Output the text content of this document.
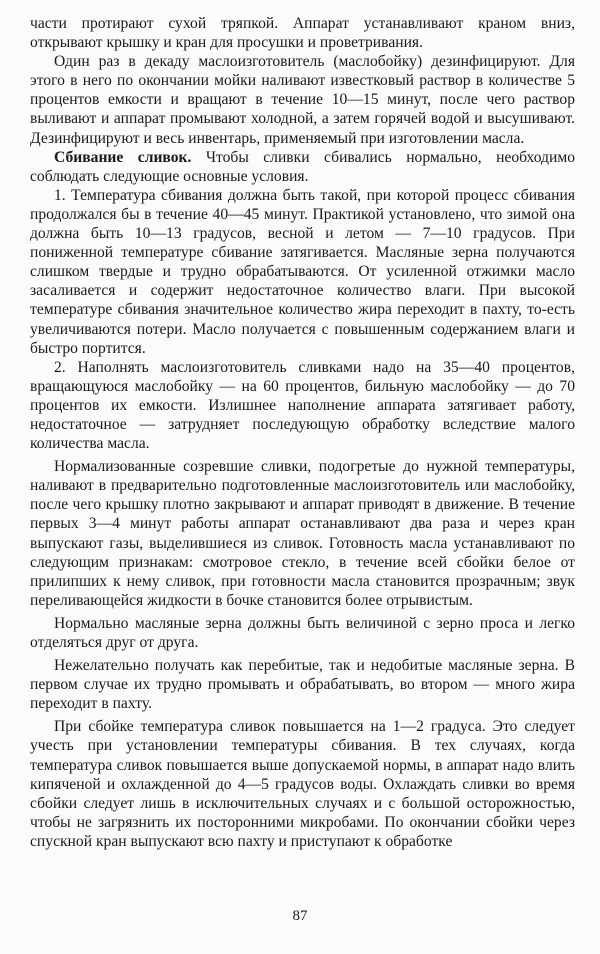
части протирают сухой тряпкой. Аппарат устанавливают краном вниз, открывают крышку и кран для просушки и проветривания.

Один раз в декаду маслоизготовитель (маслобойку) дезинфицируют. Для этого в него по окончании мойки наливают известковый раствор в количестве 5 процентов емкости и вращают в течение 10—15 минут, после чего раствор выливают и аппарат промывают холодной, а затем горячей водой и высушивают. Дезинфицируют и весь инвентарь, применяемый при изготовлении масла.

Сбивание сливок. Чтобы сливки сбивались нормально, необходимо соблюдать следующие основные условия.

1. Температура сбивания должна быть такой, при которой процесс сбивания продолжался бы в течение 40—45 минут. Практикой установлено, что зимой она должна быть 10—13 градусов, весной и летом — 7—10 градусов. При пониженной температуре сбивание затягивается. Масляные зерна получаются слишком твердые и трудно обрабатываются. От усиленной отжимки масло засаливается и содержит недостаточное количество влаги. При высокой температуре сбивания значительное количество жира переходит в пахту, то-есть увеличиваются потери. Масло получается с повышенным содержанием влаги и быстро портится.

2. Наполнять маслоизготовитель сливками надо на 35—40 процентов, вращающуюся маслобойку — на 60 процентов, бильную маслобойку — до 70 процентов их емкости. Излишнее наполнение аппарата затягивает работу, недостаточное — затрудняет последующую обработку вследствие малого количества масла.

Нормализованные созревшие сливки, подогретые до нужной температуры, наливают в предварительно подготовленные маслоизготовитель или маслобойку, после чего крышку плотно закрывают и аппарат приводят в движение. В течение первых 3—4 минут работы аппарат останавливают два раза и через кран выпускают газы, выделившиеся из сливок. Готовность масла устанавливают по следующим признакам: смотровое стекло, в течение всей сбойки белое от прилипших к нему сливок, при готовности масла становится прозрачным; звук переливающейся жидкости в бочке становится более отрывистым.

Нормально масляные зерна должны быть величиной с зерно проса и легко отделяться друг от друга.

Нежелательно получать как перебитые, так и недобитые масляные зерна. В первом случае их трудно промывать и обрабатывать, во втором — много жира переходит в пахту.

При сбойке температура сливок повышается на 1—2 градуса. Это следует учесть при установлении температуры сбивания. В тех случаях, когда температура сливок повышается выше допускаемой нормы, в аппарат надо влить кипяченой и охлажденной до 4—5 градусов воды. Охлаждать сливки во время сбойки следует лишь в исключительных случаях и с большой осторожностью, чтобы не загрязнить их посторонними микробами. По окончании сбойки через спускной кран выпускают всю пахту и приступают к обработке

87
